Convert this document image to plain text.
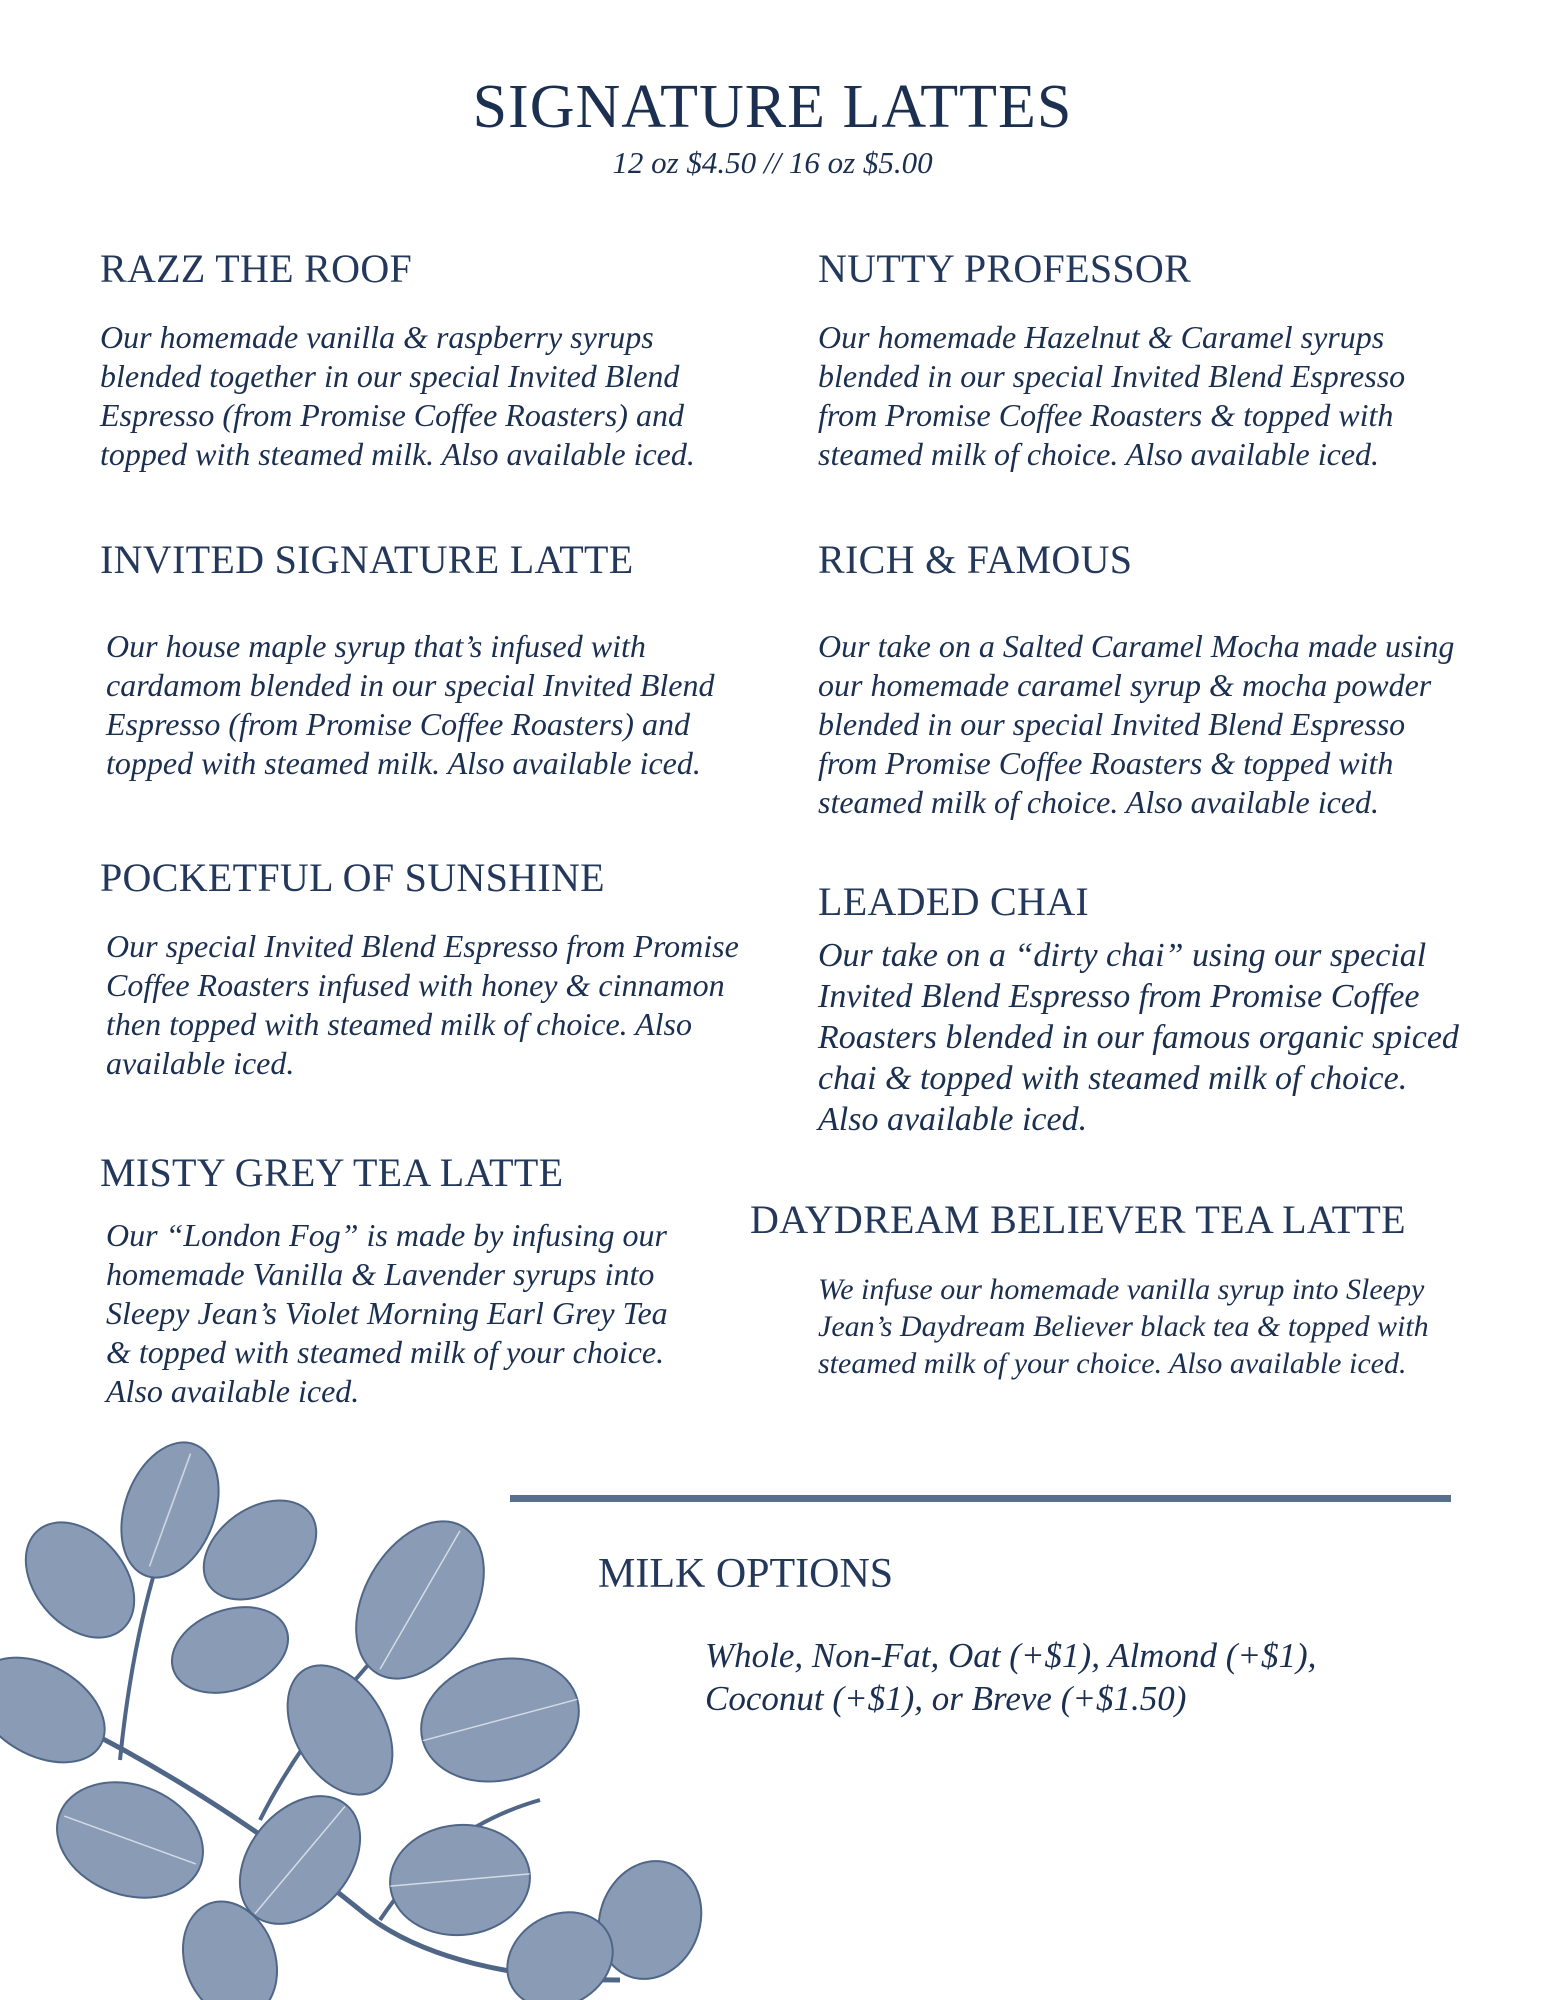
SIGNATURE LATTES
12 oz $4.50 // 16 oz $5.00
RAZZ THE ROOF
Our homemade vanilla & raspberry syrups blended together in our special Invited Blend Espresso (from Promise Coffee Roasters) and topped with steamed milk. Also available iced.
INVITED SIGNATURE LATTE
Our house maple syrup that’s infused with cardamom blended in our special Invited Blend Espresso (from Promise Coffee Roasters) and topped with steamed milk. Also available iced.
POCKETFUL OF SUNSHINE
Our special Invited Blend Espresso from Promise Coffee Roasters infused with honey & cinnamon then topped with steamed milk of choice. Also available iced.
MISTY GREY TEA LATTE
Our “London Fog” is made by infusing our homemade Vanilla & Lavender syrups into Sleepy Jean’s Violet Morning Earl Grey Tea & topped with steamed milk of your choice. Also available iced.
NUTTY PROFESSOR
Our homemade Hazelnut & Caramel syrups blended in our special Invited Blend Espresso from Promise Coffee Roasters & topped with steamed milk of choice. Also available iced.
RICH & FAMOUS
Our take on a Salted Caramel Mocha made using our homemade caramel syrup & mocha powder blended in our special Invited Blend Espresso from Promise Coffee Roasters & topped with steamed milk of choice. Also available iced.
LEADED CHAI
Our take on a “dirty chai” using our special Invited Blend Espresso from Promise Coffee Roasters blended in our famous organic spiced chai & topped with steamed milk of choice. Also available iced.
DAYDREAM BELIEVER TEA LATTE
We infuse our homemade vanilla syrup into Sleepy Jean’s Daydream Believer black tea & topped with steamed milk of your choice. Also available iced.
MILK OPTIONS
Whole, Non-Fat, Oat (+$1), Almond (+$1), Coconut (+$1), or Breve (+$1.50)
